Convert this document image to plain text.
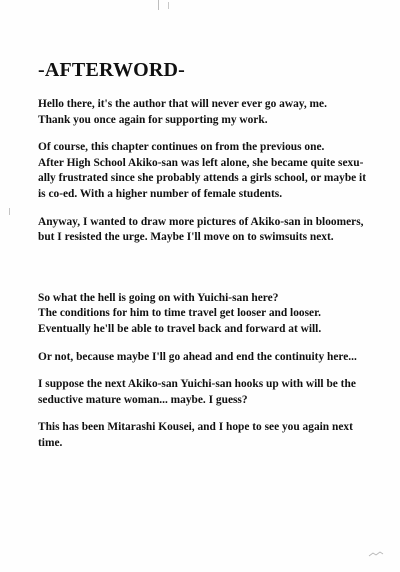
-AFTERWORD-

Hello there, it's the author that will never ever go away, me.
Thank you once again for supporting my work.

Of course, this chapter continues on from the previous one.
After High School Akiko-san was left alone, she became quite sexu-
ally frustrated since she probably attends a girls school, or maybe it
is co-ed. With a higher number of female students.

Anyway, I wanted to draw more pictures of Akiko-san in bloomers,
but I resisted the urge. Maybe I'll move on to swimsuits next.

So what the hell is going on with Yuichi-san here?
The conditions for him to time travel get looser and looser.
Eventually he'll be able to travel back and forward at will.

Or not, because maybe I'll go ahead and end the continuity here...

I suppose the next Akiko-san Yuichi-san hooks up with will be the
seductive mature woman... maybe. I guess?

This has been Mitarashi Kousei, and I hope to see you again next
time.
